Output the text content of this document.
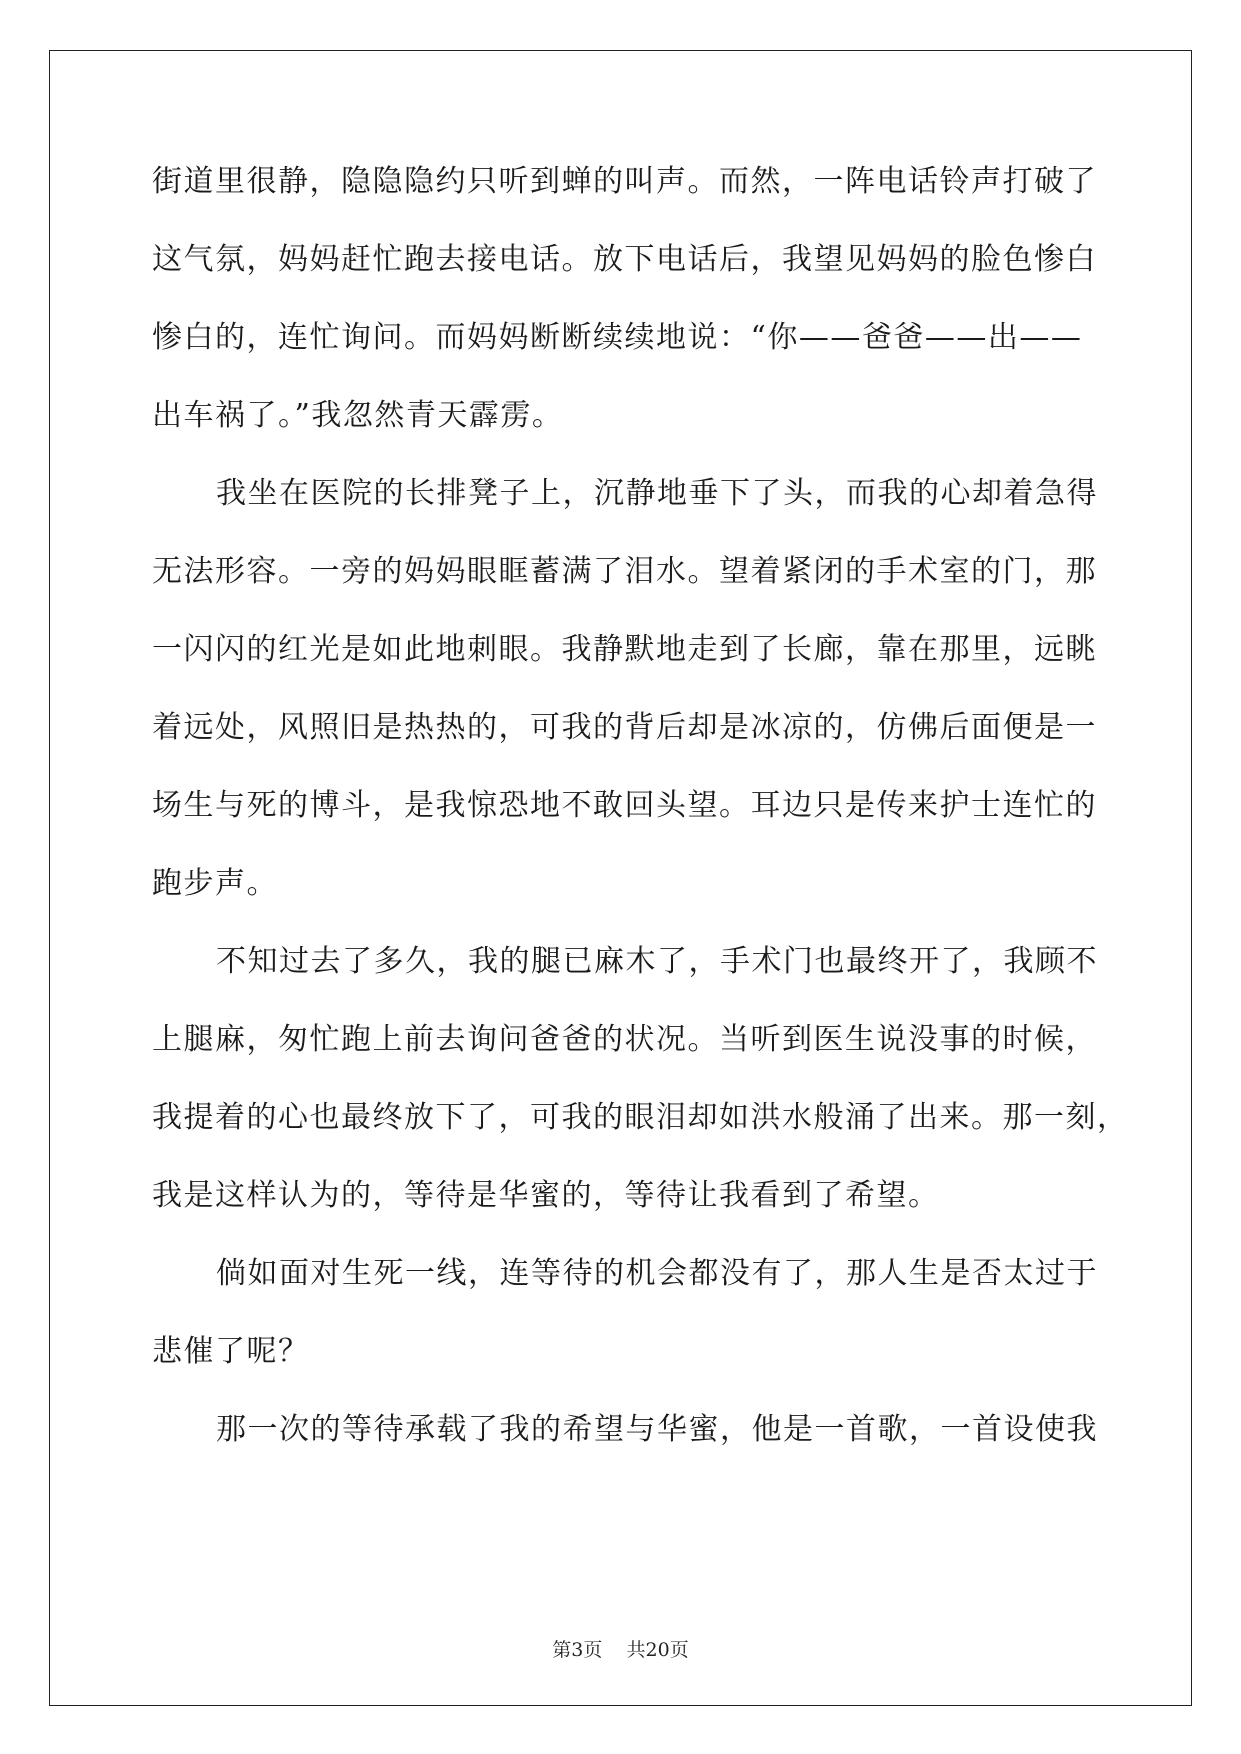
街道里很静，隐隐隐约只听到蝉的叫声。而然，一阵电话铃声打破了
这气氛，妈妈赶忙跑去接电话。放下电话后，我望见妈妈的脸色惨白
惨白的，连忙询问。而妈妈断断续续地说：“你——爸爸——出——
出车祸了。”我忽然青天霹雳。
我坐在医院的长排凳子上，沉静地垂下了头，而我的心却着急得
无法形容。一旁的妈妈眼眶蓄满了泪水。望着紧闭的手术室的门，那
一闪闪的红光是如此地刺眼。我静默地走到了长廊，靠在那里，远眺
着远处，风照旧是热热的，可我的背后却是冰凉的，仿佛后面便是一
场生与死的博斗，是我惊恐地不敢回头望。耳边只是传来护士连忙的
跑步声。
不知过去了多久，我的腿已麻木了，手术门也最终开了，我顾不
上腿麻，匆忙跑上前去询问爸爸的状况。当听到医生说没事的时候，
我提着的心也最终放下了，可我的眼泪却如洪水般涌了出来。那一刻，
我是这样认为的，等待是华蜜的，等待让我看到了希望。
倘如面对生死一线，连等待的机会都没有了，那人生是否太过于
悲催了呢？
那一次的等待承载了我的希望与华蜜，他是一首歌，一首设使我
第3页 共20页
